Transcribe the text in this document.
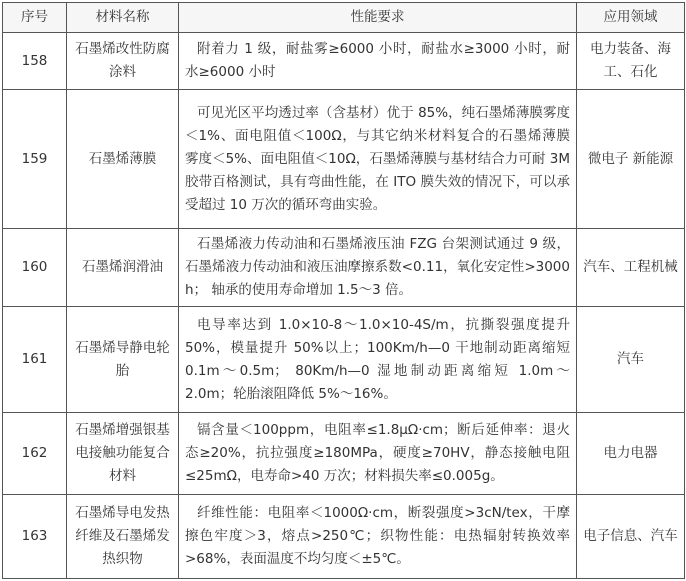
序号	材料名称	性能要求	应用领域
158	石墨烯改性防腐涂料	附着力 1 级，耐盐雾≥6000 小时，耐盐水≥3000 小时，耐水≥6000 小时	电力装备、海工、石化
159	石墨烯薄膜	可见光区平均透过率（含基材）优于 85%，纯石墨烯薄膜雾度＜1%、面电阻值＜100Ω，与其它纳米材料复合的石墨烯薄膜 雾度＜5%、面电阻值＜10Ω，石墨烯薄膜与基材结合力可耐 3M 胶带百格测试，具有弯曲性能，在 ITO 膜失效的情况下，可以承受超过 10 万次的循环弯曲实验。	微电子 新能源
160	石墨烯润滑油	石墨烯液力传动油和石墨烯液压油 FZG 台架测试通过 9 级，石墨烯液力传动油和液压油摩擦系数<0.11，氧化安定性>3000 h； 轴承的使用寿命增加 1.5～3 倍。	汽车、工程机械
161	石墨烯导静电轮胎	电导率达到 1.0×10-8～1.0×10-4S/m，抗撕裂强度提升 50%，模量提升 50%以上；100Km/h—0 干地制动距离缩短 0.1m～0.5m； 80Km/h—0 湿地制动距离缩短 1.0m～2.0m；轮胎滚阻降低 5%～16%。	汽车
162	石墨烯增强银基电接触功能复合材料	镉含量＜100ppm，电阻率≤1.8μΩ·cm；断后延伸率：退火态≥20%，抗拉强度≥180MPa，硬度≥70HV，静态接触电阻≤25mΩ，电寿命>40 万次；材料损失率≤0.005g。	电力电器
163	石墨烯导电发热纤维及石墨烯发热织物	纤维性能：电阻率＜1000Ω·cm，断裂强度>3cN/tex，干摩擦色牢度＞3，熔点>250℃；织物性能：电热辐射转换效率>68%，表面温度不均匀度＜±5℃。	电子信息、汽车
